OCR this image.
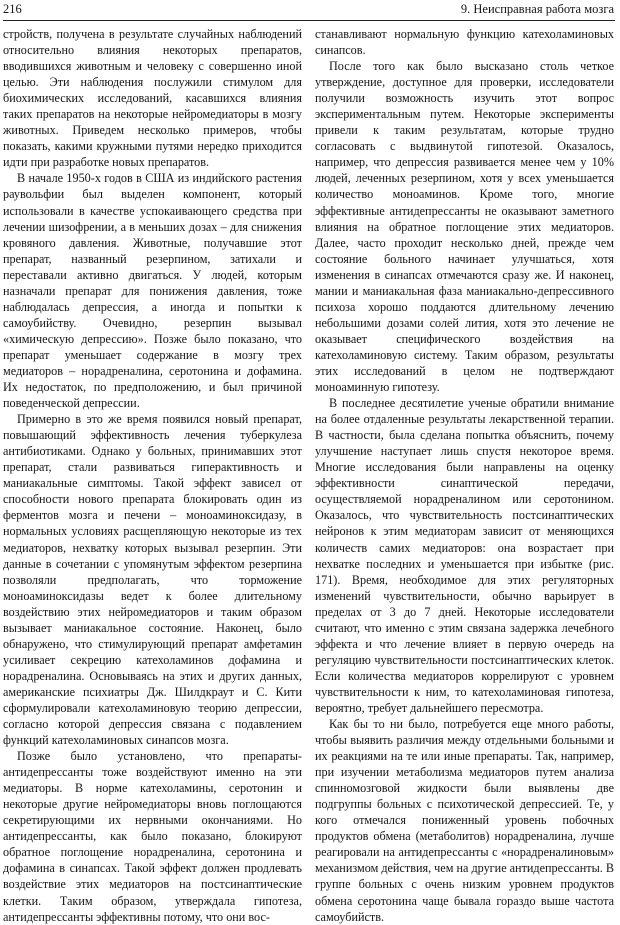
216	9. Неисправная работа мозга

стройств, получена в результате случайных наблюдений относительно влияния некоторых препаратов, вводившихся животным и человеку с совершенно иной целью. Эти наблюдения послужили стимулом для биохимических исследований, касавшихся влияния таких препаратов на некоторые нейромедиаторы в мозгу животных. Приведем несколько примеров, чтобы показать, какими кружными путями нередко приходится идти при разработке новых препаратов.

В начале 1950-х годов в США из индийского растения раувольфии был выделен компонент, который использовали в качестве успокаивающего средства при лечении шизофрении, а в меньших дозах – для снижения кровяного давления. Животные, получавшие этот препарат, названный резерпином, затихали и переставали активно двигаться. У людей, которым назначали препарат для понижения давления, тоже наблюдалась депрессия, а иногда и попытки к самоубийству. Очевидно, резерпин вызывал «химическую депрессию». Позже было показано, что препарат уменьшает содержание в мозгу трех медиаторов – норадреналина, серотонина и дофамина. Их недостаток, по предположению, и был причиной поведенческой депрессии.

Примерно в это же время появился новый препарат, повышающий эффективность лечения туберкулеза антибиотиками. Однако у больных, принимавших этот препарат, стали развиваться гиперактивность и маниакальные симптомы. Такой эффект зависел от способности нового препарата блокировать один из ферментов мозга и печени – моноаминоксидазу, в нормальных условиях расщепляющую некоторые из тех медиаторов, нехватку которых вызывал резерпин. Эти данные в сочетании с упомянутым эффектом резерпина позволяли предполагать, что торможение моноаминоксидазы ведет к более длительному воздействию этих нейромедиаторов и таким образом вызывает маниакальное состояние. Наконец, было обнаружено, что стимулирующий препарат амфетамин усиливает секрецию катехоламинов дофамина и норадреналина. Основываясь на этих и других данных, американские психиатры Дж. Шилдкраут и С. Кити сформулировали катехоламиновую теорию депрессии, согласно которой депрессия связана с подавлением функций катехоламиновых синапсов мозга.

Позже было установлено, что препараты-антидепрессанты тоже воздействуют именно на эти медиаторы. В норме катехоламины, серотонин и некоторые другие нейромедиаторы вновь поглощаются секретирующими их нервными окончаниями. Но антидепрессанты, как было показано, блокируют обратное поглощение норадреналина, серотонина и дофамина в синапсах. Такой эффект должен продлевать воздействие этих медиаторов на постсинаптические клетки. Таким образом, утверждала гипотеза, антидепрессанты эффективны потому, что они вос-

станавливают нормальную функцию катехоламиновых синапсов.

После того как было высказано столь четкое утверждение, доступное для проверки, исследователи получили возможность изучить этот вопрос экспериментальным путем. Некоторые эксперименты привели к таким результатам, которые трудно согласовать с выдвинутой гипотезой. Оказалось, например, что депрессия развивается менее чем у 10% людей, леченных резерпином, хотя у всех уменьшается количество моноаминов. Кроме того, многие эффективные антидепрессанты не оказывают заметного влияния на обратное поглощение этих медиаторов. Далее, часто проходит несколько дней, прежде чем состояние больного начинает улучшаться, хотя изменения в синапсах отмечаются сразу же. И наконец, мании и маниакальная фаза маниакально-депрессивного психоза хорошо поддаются длительному лечению небольшими дозами солей лития, хотя это лечение не оказывает специфического воздействия на катехоламиновую систему. Таким образом, результаты этих исследований в целом не подтверждают моноаминную гипотезу.

В последнее десятилетие ученые обратили внимание на более отдаленные результаты лекарственной терапии. В частности, была сделана попытка объяснить, почему улучшение наступает лишь спустя некоторое время. Многие исследования были направлены на оценку эффективности синаптической передачи, осуществляемой норадреналином или серотонином. Оказалось, что чувствительность постсинаптических нейронов к этим медиаторам зависит от меняющихся количеств самих медиаторов: она возрастает при нехватке последних и уменьшается при избытке (рис. 171). Время, необходимое для этих регуляторных изменений чувствительности, обычно варьирует в пределах от 3 до 7 дней. Некоторые исследователи считают, что именно с этим связана задержка лечебного эффекта и что лечение влияет в первую очередь на регуляцию чувствительности постсинаптических клеток. Если количества медиаторов коррелируют с уровнем чувствительности к ним, то катехоламиновая гипотеза, вероятно, требует дальнейшего пересмотра.

Как бы то ни было, потребуется еще много работы, чтобы выявить различия между отдельными больными и их реакциями на те или иные препараты. Так, например, при изучении метаболизма медиаторов путем анализа спинномозговой жидкости были выявлены две подгруппы больных с психотической депрессией. Те, у кого отмечался пониженный уровень побочных продуктов обмена (метаболитов) норадреналина, лучше реагировали на антидепрессанты с «норадреналиновым» механизмом действия, чем на другие антидепрессанты. В группе больных с очень низким уровнем продуктов обмена серотонина чаще бывала гораздо выше частота самоубийств.
